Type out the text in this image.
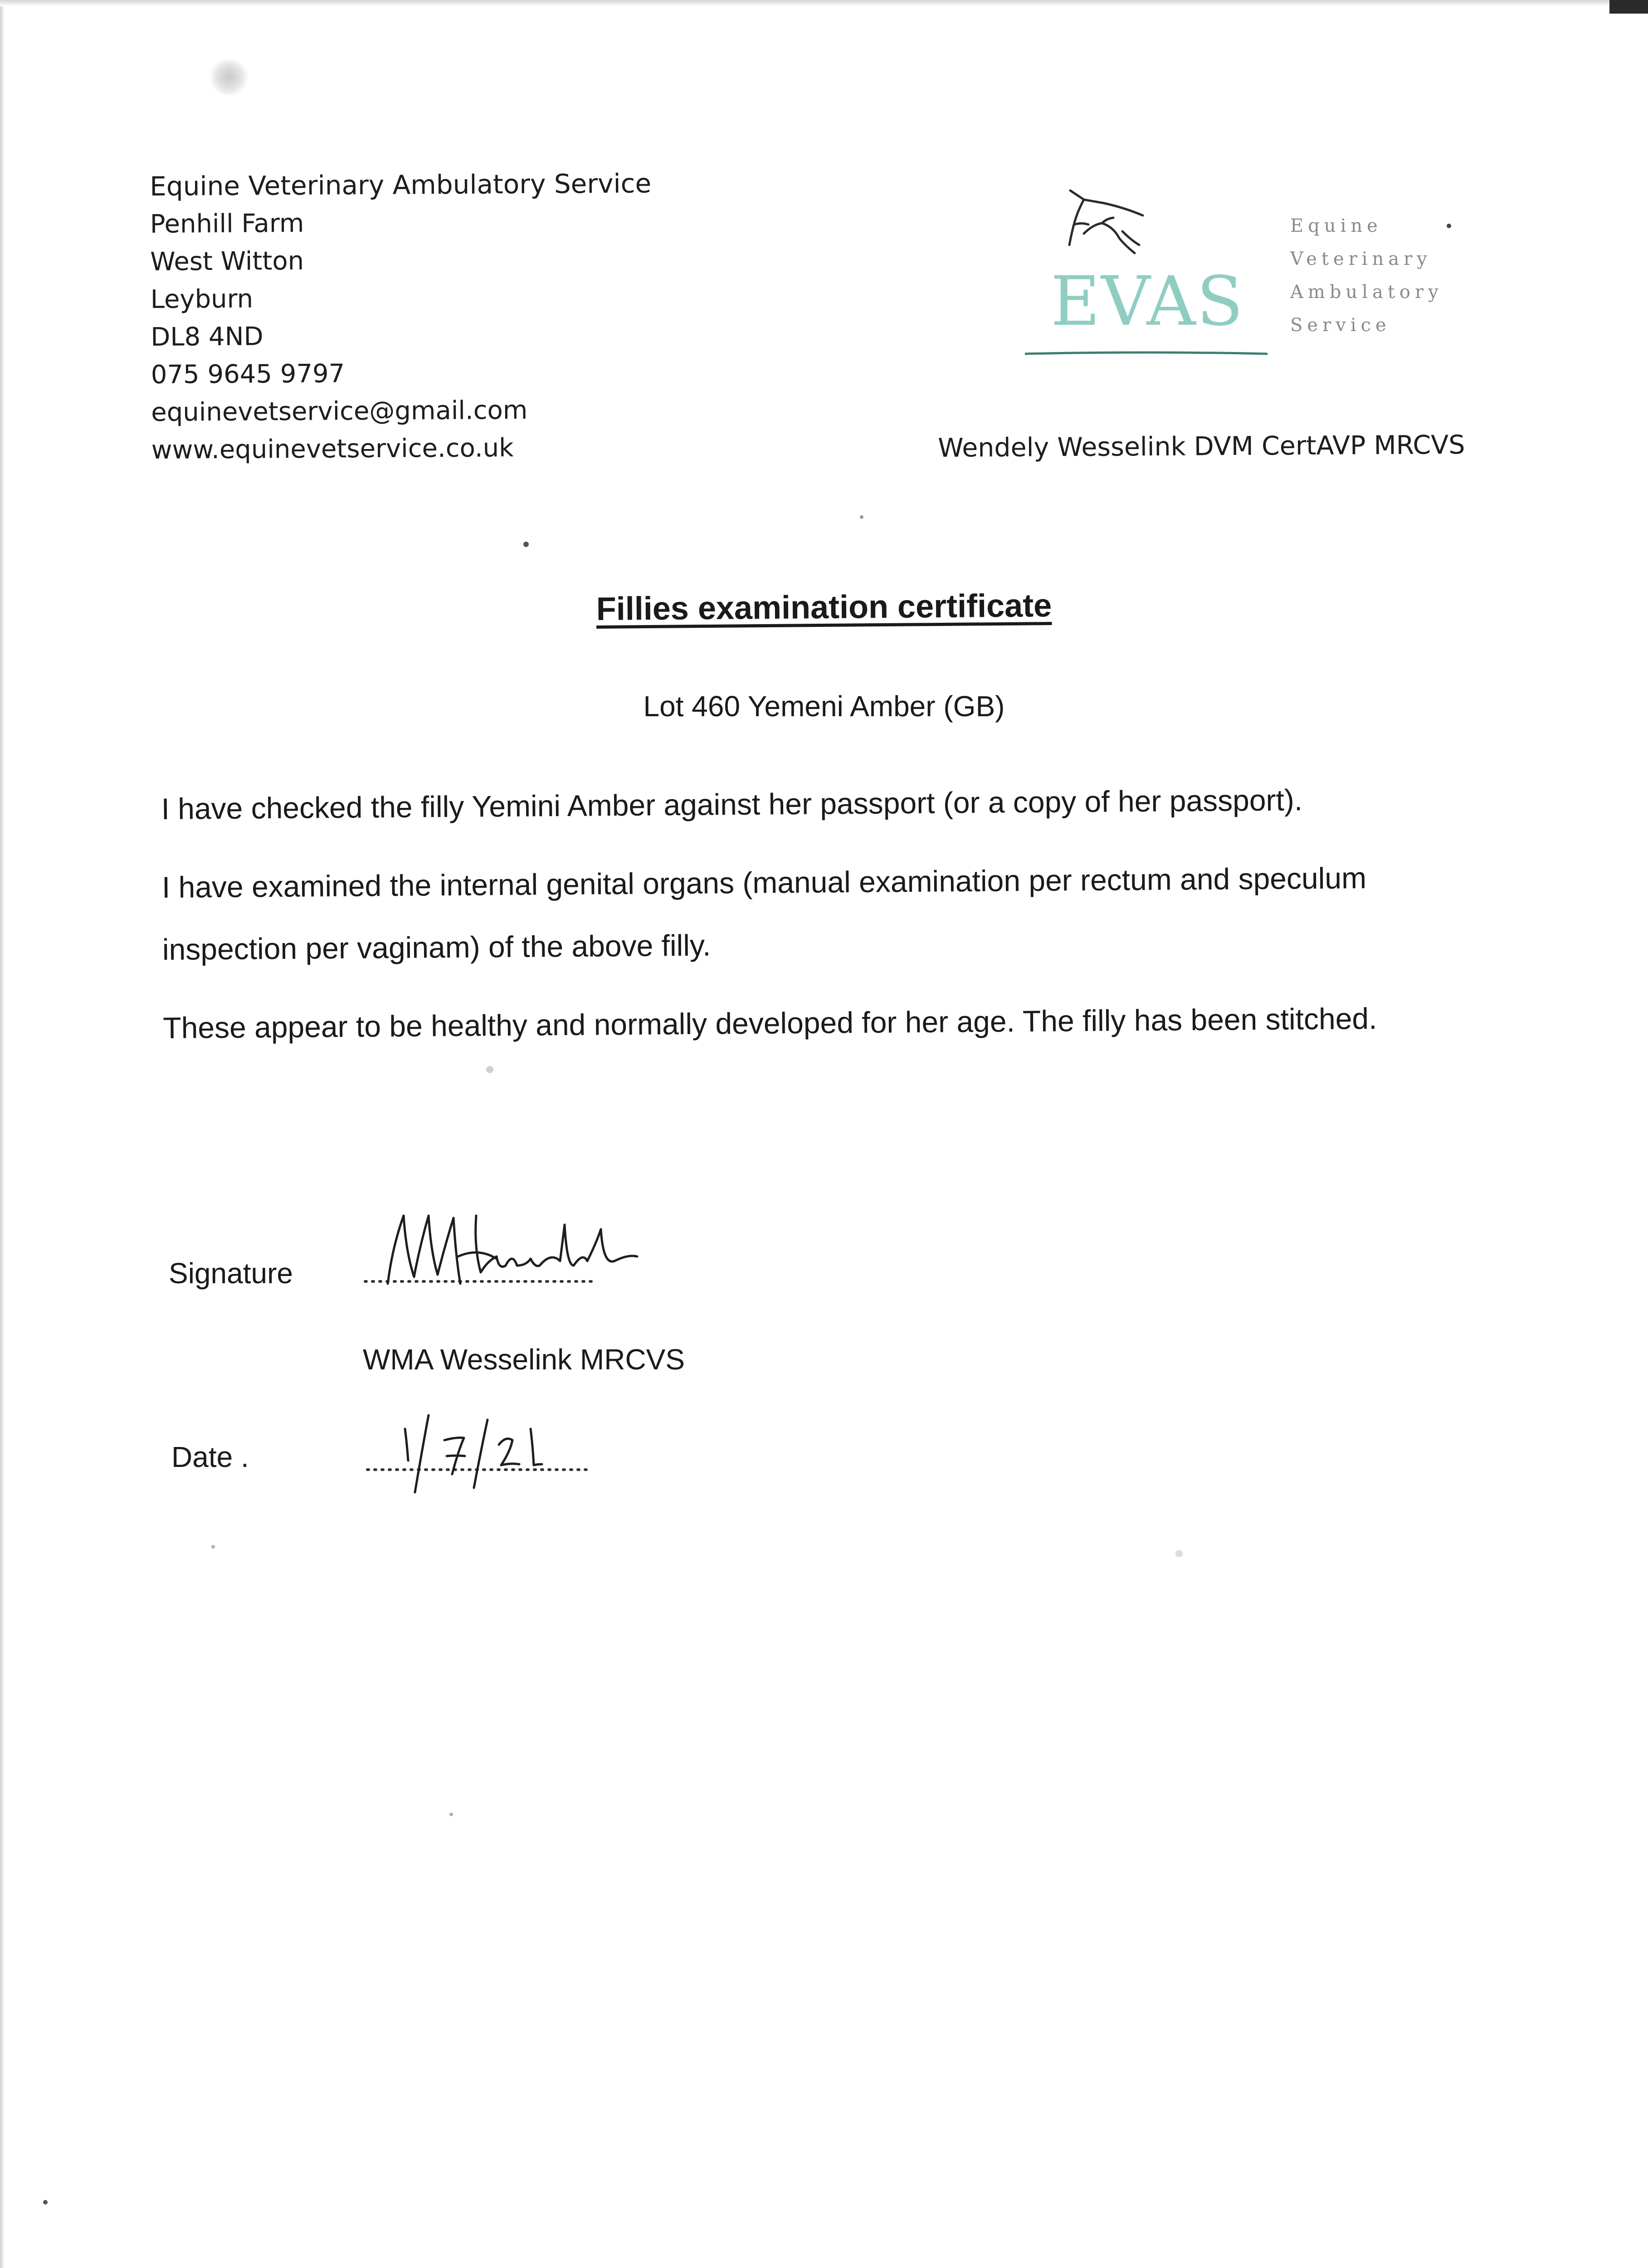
Equine Veterinary Ambulatory Service
Penhill Farm
West Witton
Leyburn
DL8 4ND
075 9645 9797
equinevetservice@gmail.com
www.equinevetservice.co.uk
EVAS
Equine
Veterinary
Ambulatory
Service
Wendely Wesselink DVM CertAVP MRCVS
Fillies examination certificate
Lot 460 Yemeni Amber (GB)

I have checked the filly Yemini Amber against her passport (or a copy of her passport).

I have examined the internal genital organs (manual examination per rectum and speculum inspection per vaginam) of the above filly.

These appear to be healthy and normally developed for her age. The filly has been stitched.

Signature
WMA Wesselink MRCVS
Date .
